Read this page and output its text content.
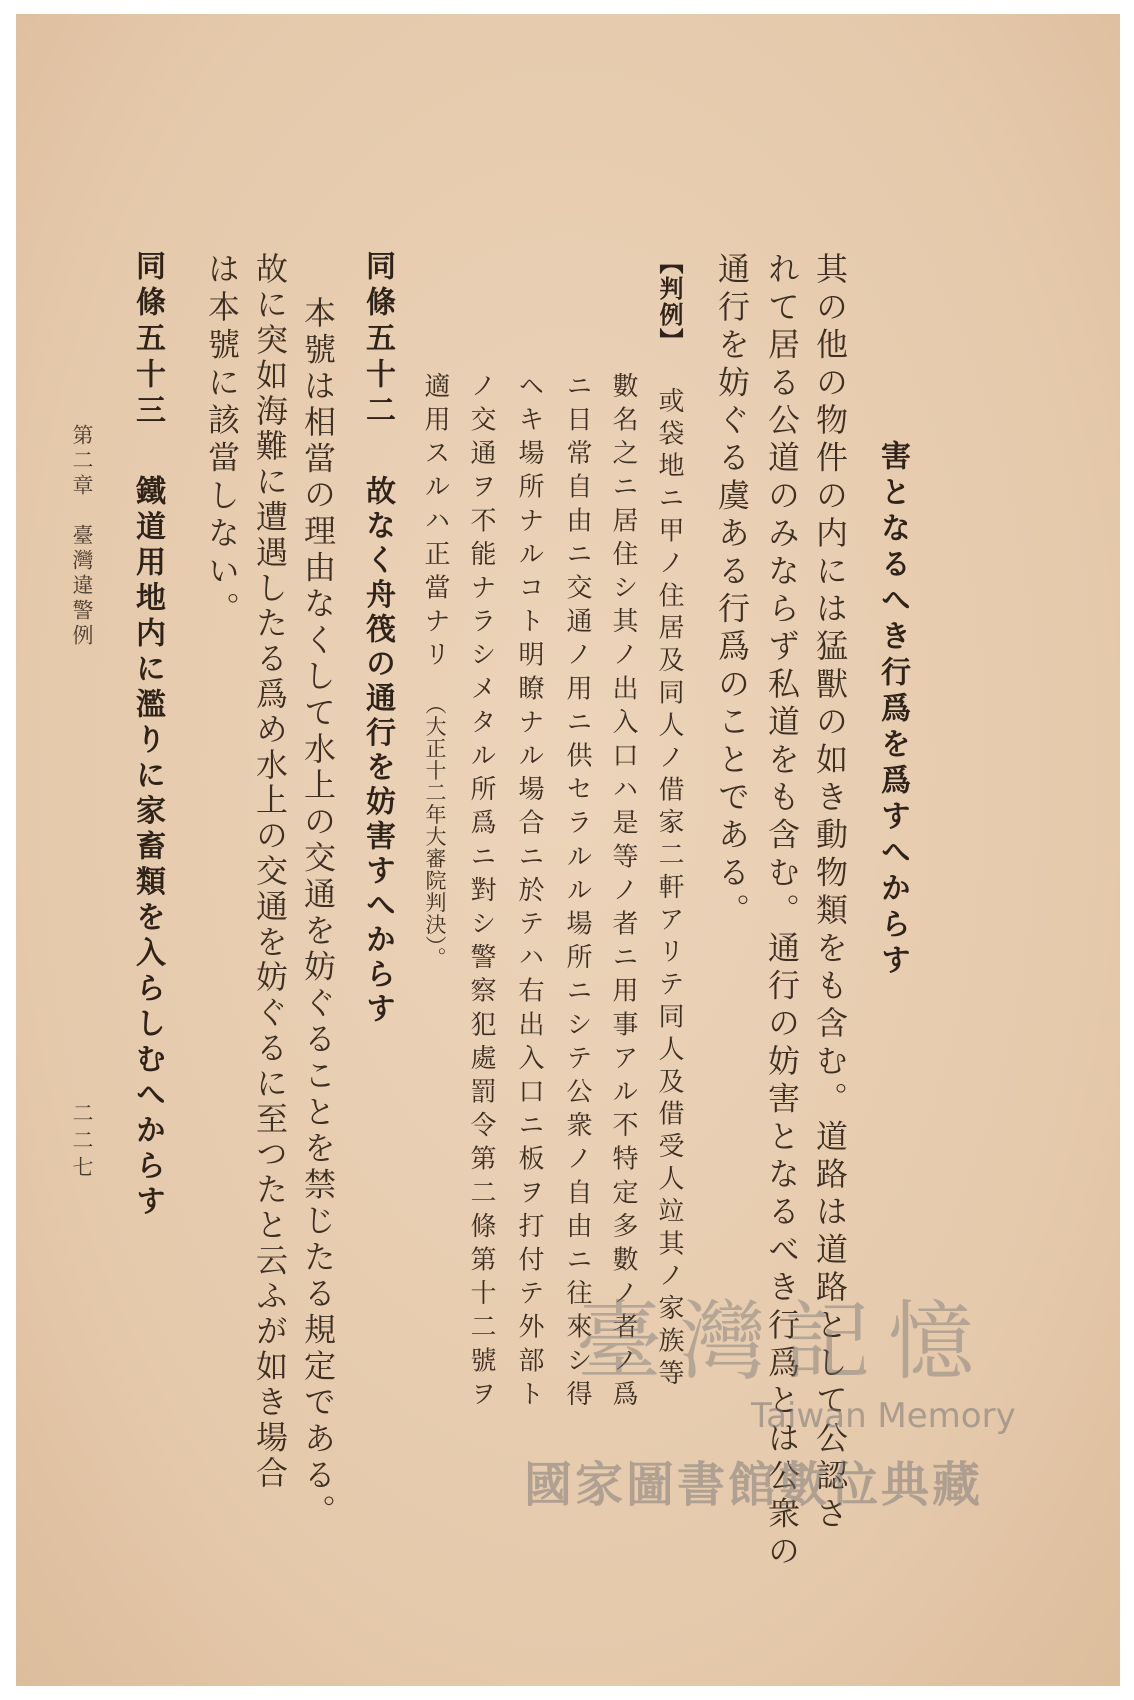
害となるへき行爲を爲すへからす
其の他の物件の内には猛獸の如き動物類をも含む。道路は道路として公認さ
れて居る公道のみならず私道をも含む。通行の妨害となるべき行爲とは公衆の
通行を妨ぐる虞ある行爲のことである。
【判例】 或袋地ニ甲ノ住居及同人ノ借家二軒アリテ同人及借受人竝其ノ家族等
數名之ニ居住シ其ノ出入口ハ是等ノ者ニ用事アル不特定多數ノ者ノ爲
ニ日常自由ニ交通ノ用ニ供セラルル場所ニシテ公衆ノ自由ニ往來シ得
ヘキ場所ナルコト明瞭ナル場合ニ於テハ右出入口ニ板ヲ打付テ外部ト
ノ交通ヲ不能ナラシメタル所爲ニ對シ警察犯處罰令第二條第十二號ヲ
適用スルハ正當ナリ （大正十二年大審院判決）。
同條五十二 故なく舟筏の通行を妨害すへからす
本號は相當の理由なくして水上の交通を妨ぐることを禁じたる規定である。
故に突如海難に遭遇したる爲め水上の交通を妨ぐるに至つたと云ふが如き場合
は本號に該當しない。
同條五十三 鐵道用地内に濫りに家畜類を入らしむへからす
第二章　臺灣違警例
二二七
臺灣記憶
Taiwan Memory
國家圖書館數位典藏
